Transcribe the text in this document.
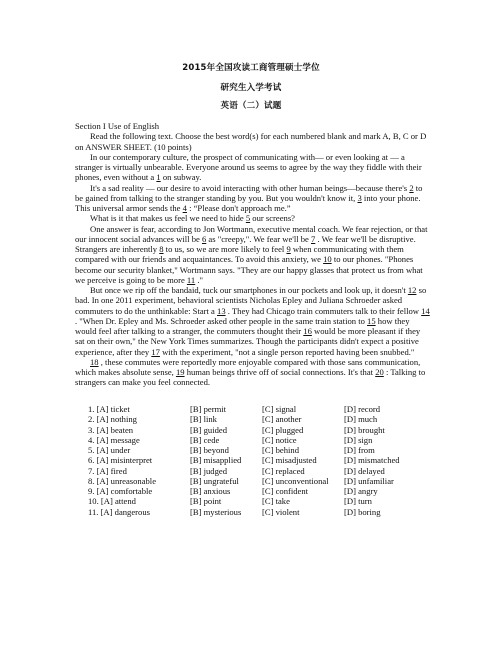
2015年全国攻读工商管理硕士学位
研究生入学考试
英语（二）试题

Section I Use of English

Read the following text. Choose the best word(s) for each numbered blank and mark A, B, C or D on ANSWER SHEET. (10 points)

In our contemporary culture, the prospect of communicating with— or even looking at — a stranger is virtually unbearable. Everyone around us seems to agree by the way they fiddle with their phones, even without a 1 on subway.

It's a sad reality — our desire to avoid interacting with other human beings—because there's 2 to be gained from talking to the stranger standing by you. But you wouldn't know it, 3 into your phone. This universal armor sends the 4 : “Please don't approach me.”

What is it that makes us feel we need to hide 5 our screens?

One answer is fear, according to Jon Wortmann, executive mental coach. We fear rejection, or that our innocent social advances will be 6 as "creepy,". We fear we'll be 7 . We fear we'll be disruptive. Strangers are inherently 8 to us, so we are more likely to feel 9 when communicating with them compared with our friends and acquaintances. To avoid this anxiety, we 10 to our phones. "Phones become our security blanket," Wortmann says. "They are our happy glasses that protect us from what we perceive is going to be more 11 ."

But once we rip off the bandaid, tuck our smartphones in our pockets and look up, it doesn't 12 so bad. In one 2011 experiment, behavioral scientists Nicholas Epley and Juliana Schroeder asked commuters to do the unthinkable: Start a 13 . They had Chicago train commuters talk to their fellow 14 . "When Dr. Epley and Ms. Schroeder asked other people in the same train station to 15 how they would feel after talking to a stranger, the commuters thought their 16 would be more pleasant if they sat on their own," the New York Times summarizes. Though the participants didn't expect a positive experience, after they 17 with the experiment, "not a single person reported having been snubbed."

18 , these commutes were reportedly more enjoyable compared with those sans communication, which makes absolute sense, 19 human beings thrive off of social connections. It's that 20 : Talking to strangers can make you feel connected.

1. [A] ticket	[B] permit	[C] signal	[D] record
2. [A] nothing	[B] link	[C] another	[D] much
3. [A] beaten	[B] guided	[C] plugged	[D] brought
4. [A] message	[B] cede	[C] notice	[D] sign
5. [A] under	[B] beyond	[C] behind	[D] from
6. [A] misinterpret	[B] misapplied [C] misadjusted	[D] mismatched
7. [A] fired	[B] judged	[C] replaced	[D] delayed
8. [A] unreasonable	[B] ungrateful	[C] unconventional [D] unfamiliar
9. [A] comfortable	[B] anxious	[C] confident	[D] angry
10. [A] attend	[B] point	[C] take	[D] turn
11. [A] dangerous	[B] mysterious [C] violent	[D] boring
